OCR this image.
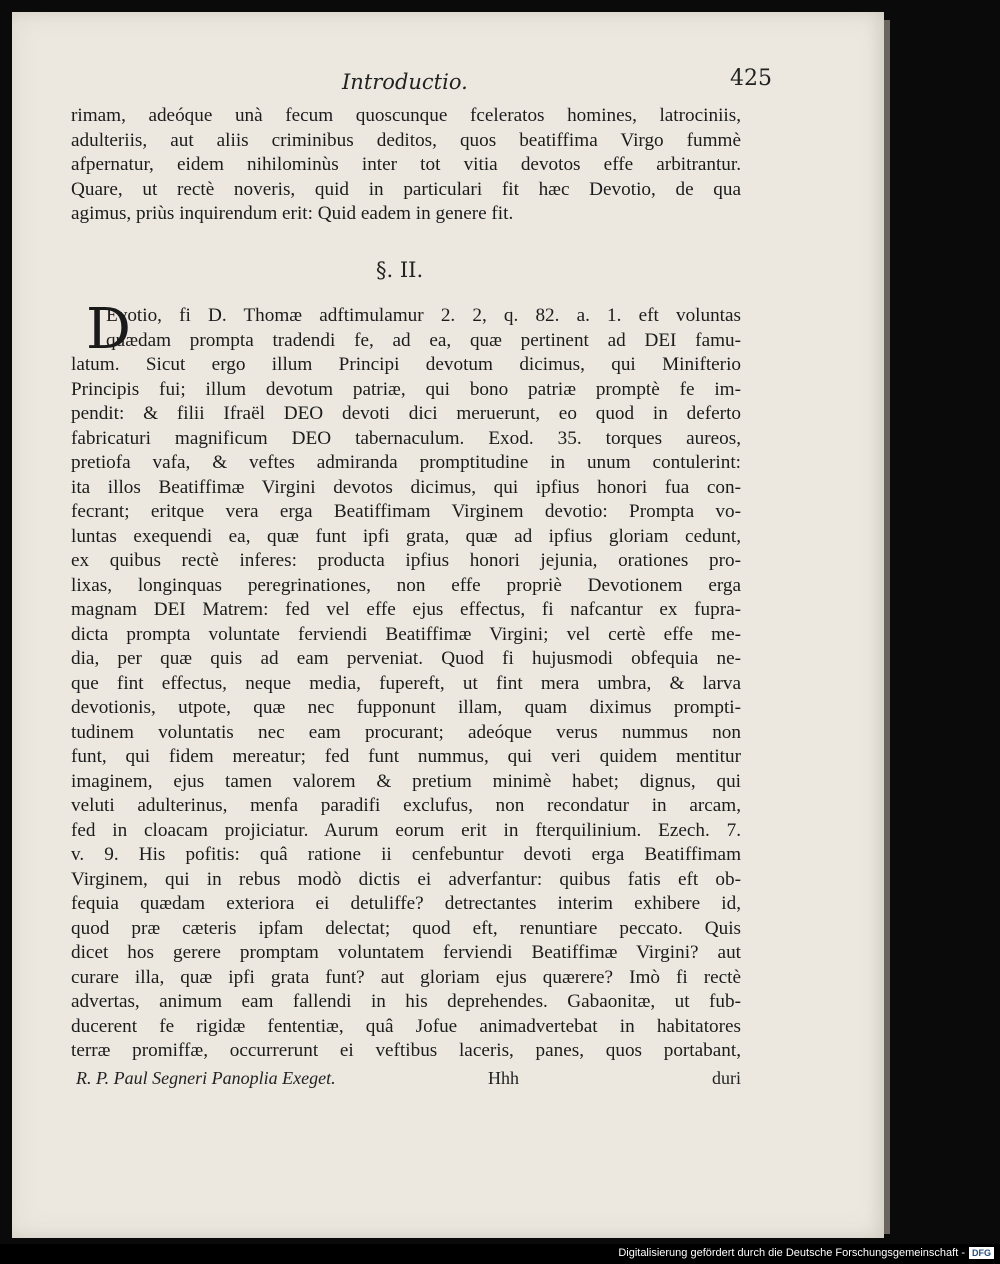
Introductio.	425
rimam, adeóque unà fecum quoscunque fceleratos homines, latrociniis,
adulteriis, aut aliis criminibus deditos, quos beatiffima Virgo fummè
afpernatur, eidem nihilominùs inter tot vitia devotos effe arbitrantur.
Quare, ut rectè noveris, quid in particulari fit hæc Devotio, de qua
agimus, priùs inquirendum erit: Quid eadem in genere fit.
§. II.
D
Evotio, fi D. Thomæ adftimulamur 2. 2, q. 82. a. 1. eft voluntas
quædam prompta tradendi fe, ad ea, quæ pertinent ad DEI famu-
latum. Sicut ergo illum Principi devotum dicimus, qui Minifterio
Principis fui; illum devotum patriæ, qui bono patriæ promptè fe im-
pendit: & filii Ifraël DEO devoti dici meruerunt, eo quod in deferto
fabricaturi magnificum DEO tabernaculum. Exod. 35. torques aureos,
pretiofa vafa, & veftes admiranda promptitudine in unum contulerint:
ita illos Beatiffimæ Virgini devotos dicimus, qui ipfius honori fua con-
fecrant; eritque vera erga Beatiffimam Virginem devotio: Prompta vo-
luntas exequendi ea, quæ funt ipfi grata, quæ ad ipfius gloriam cedunt,
ex quibus rectè inferes: producta ipfius honori jejunia, orationes pro-
lixas, longinquas peregrinationes, non effe propriè Devotionem erga
magnam DEI Matrem: fed vel effe ejus effectus, fi nafcantur ex fupra-
dicta prompta voluntate ferviendi Beatiffimæ Virgini; vel certè effe me-
dia, per quæ quis ad eam perveniat. Quod fi hujusmodi obfequia ne-
que fint effectus, neque media, fupereft, ut fint mera umbra, & larva
devotionis, utpote, quæ nec fupponunt illam, quam diximus prompti-
tudinem voluntatis nec eam procurant; adeóque verus nummus non
funt, qui fidem mereatur; fed funt nummus, qui veri quidem mentitur
imaginem, ejus tamen valorem & pretium minimè habet; dignus, qui
veluti adulterinus, menfa paradifi exclufus, non recondatur in arcam,
fed in cloacam projiciatur. Aurum eorum erit in fterquilinium. Ezech. 7.
v. 9. His pofitis: quâ ratione ii cenfebuntur devoti erga Beatiffimam
Virginem, qui in rebus modò dictis ei adverfantur: quibus fatis eft ob-
fequia quædam exteriora ei detuliffe? detrectantes interim exhibere id,
quod præ cæteris ipfam delectat; quod eft, renuntiare peccato. Quis
dicet hos gerere promptam voluntatem ferviendi Beatiffimæ Virgini? aut
curare illa, quæ ipfi grata funt? aut gloriam ejus quærere? Imò fi rectè
advertas, animum eam fallendi in his deprehendes. Gabaonitæ, ut fub-
ducerent fe rigidæ fententiæ, quâ Jofue animadvertebat in habitatores
terræ promiffæ, occurrerunt ei veftibus laceris, panes, quos portabant,
R. P. Paul Segneri Panoplia Exeget.	Hhh	duri
Digitalisierung gefördert durch die Deutsche Forschungsgemeinschaft - DFG
